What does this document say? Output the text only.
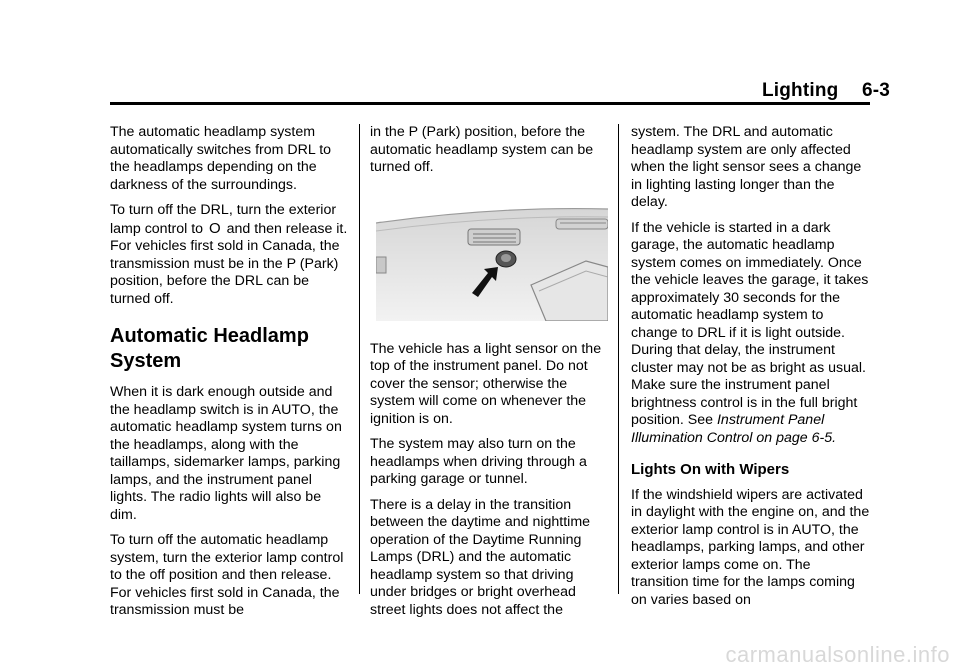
Lighting 6-3

The automatic headlamp system automatically switches from DRL to the headlamps depending on the darkness of the surroundings.

To turn off the DRL, turn the exterior lamp control to O and then release it. For vehicles first sold in Canada, the transmission must be in the P (Park) position, before the DRL can be turned off.

Automatic Headlamp System

When it is dark enough outside and the headlamp switch is in AUTO, the automatic headlamp system turns on the headlamps, along with the taillamps, sidemarker lamps, parking lamps, and the instrument panel lights. The radio lights will also be dim.

To turn off the automatic headlamp system, turn the exterior lamp control to the off position and then release. For vehicles first sold in Canada, the transmission must be

in the P (Park) position, before the automatic headlamp system can be turned off.

The vehicle has a light sensor on the top of the instrument panel. Do not cover the sensor; otherwise the system will come on whenever the ignition is on.

The system may also turn on the headlamps when driving through a parking garage or tunnel.

There is a delay in the transition between the daytime and nighttime operation of the Daytime Running Lamps (DRL) and the automatic headlamp system so that driving under bridges or bright overhead street lights does not affect the

system. The DRL and automatic headlamp system are only affected when the light sensor sees a change in lighting lasting longer than the delay.

If the vehicle is started in a dark garage, the automatic headlamp system comes on immediately. Once the vehicle leaves the garage, it takes approximately 30 seconds for the automatic headlamp system to change to DRL if it is light outside. During that delay, the instrument cluster may not be as bright as usual. Make sure the instrument panel brightness control is in the full bright position. See Instrument Panel Illumination Control on page 6-5.

Lights On with Wipers

If the windshield wipers are activated in daylight with the engine on, and the exterior lamp control is in AUTO, the headlamps, parking lamps, and other exterior lamps come on. The transition time for the lamps coming on varies based on

carmanualsonline.info
